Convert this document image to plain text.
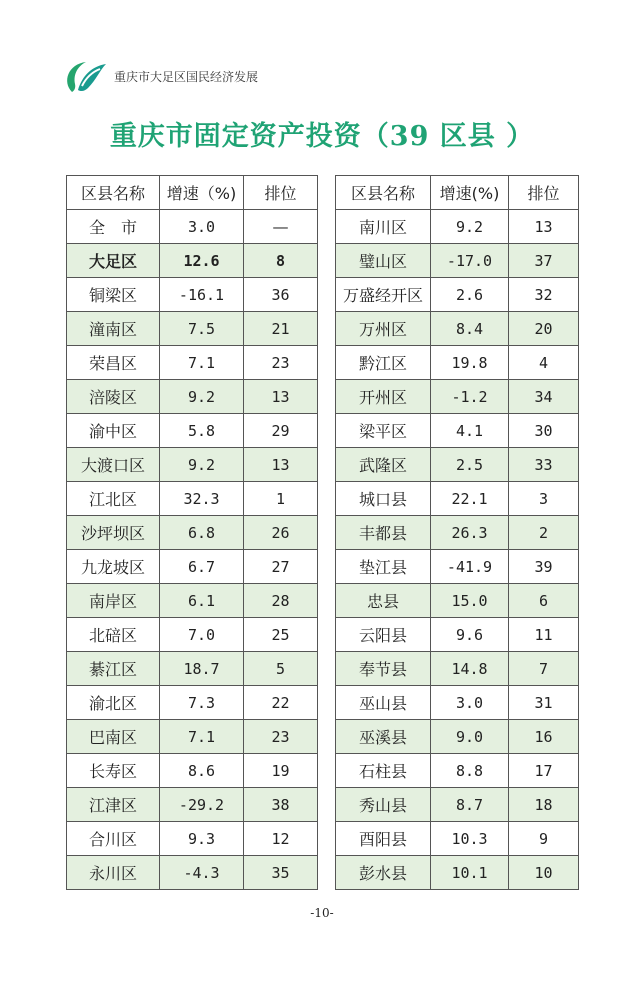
重庆市大足区国民经济发展
重庆市固定资产投资（39 区县 ）
区县名称	增速（%)	排位
全　市	3.0	—
大足区	12.6	8
铜梁区	-16.1	36
潼南区	7.5	21
荣昌区	7.1	23
涪陵区	9.2	13
渝中区	5.8	29
大渡口区	9.2	13
江北区	32.3	1
沙坪坝区	6.8	26
九龙坡区	6.7	27
南岸区	6.1	28
北碚区	7.0	25
綦江区	18.7	5
渝北区	7.3	22
巴南区	7.1	23
长寿区	8.6	19
江津区	-29.2	38
合川区	9.3	12
永川区	-4.3	35
区县名称	增速(%)	排位
南川区	9.2	13
璧山区	-17.0	37
万盛经开区	2.6	32
万州区	8.4	20
黔江区	19.8	4
开州区	-1.2	34
梁平区	4.1	30
武隆区	2.5	33
城口县	22.1	3
丰都县	26.3	2
垫江县	-41.9	39
忠县	15.0	6
云阳县	9.6	11
奉节县	14.8	7
巫山县	3.0	31
巫溪县	9.0	16
石柱县	8.8	17
秀山县	8.7	18
酉阳县	10.3	9
彭水县	10.1	10
-10-
